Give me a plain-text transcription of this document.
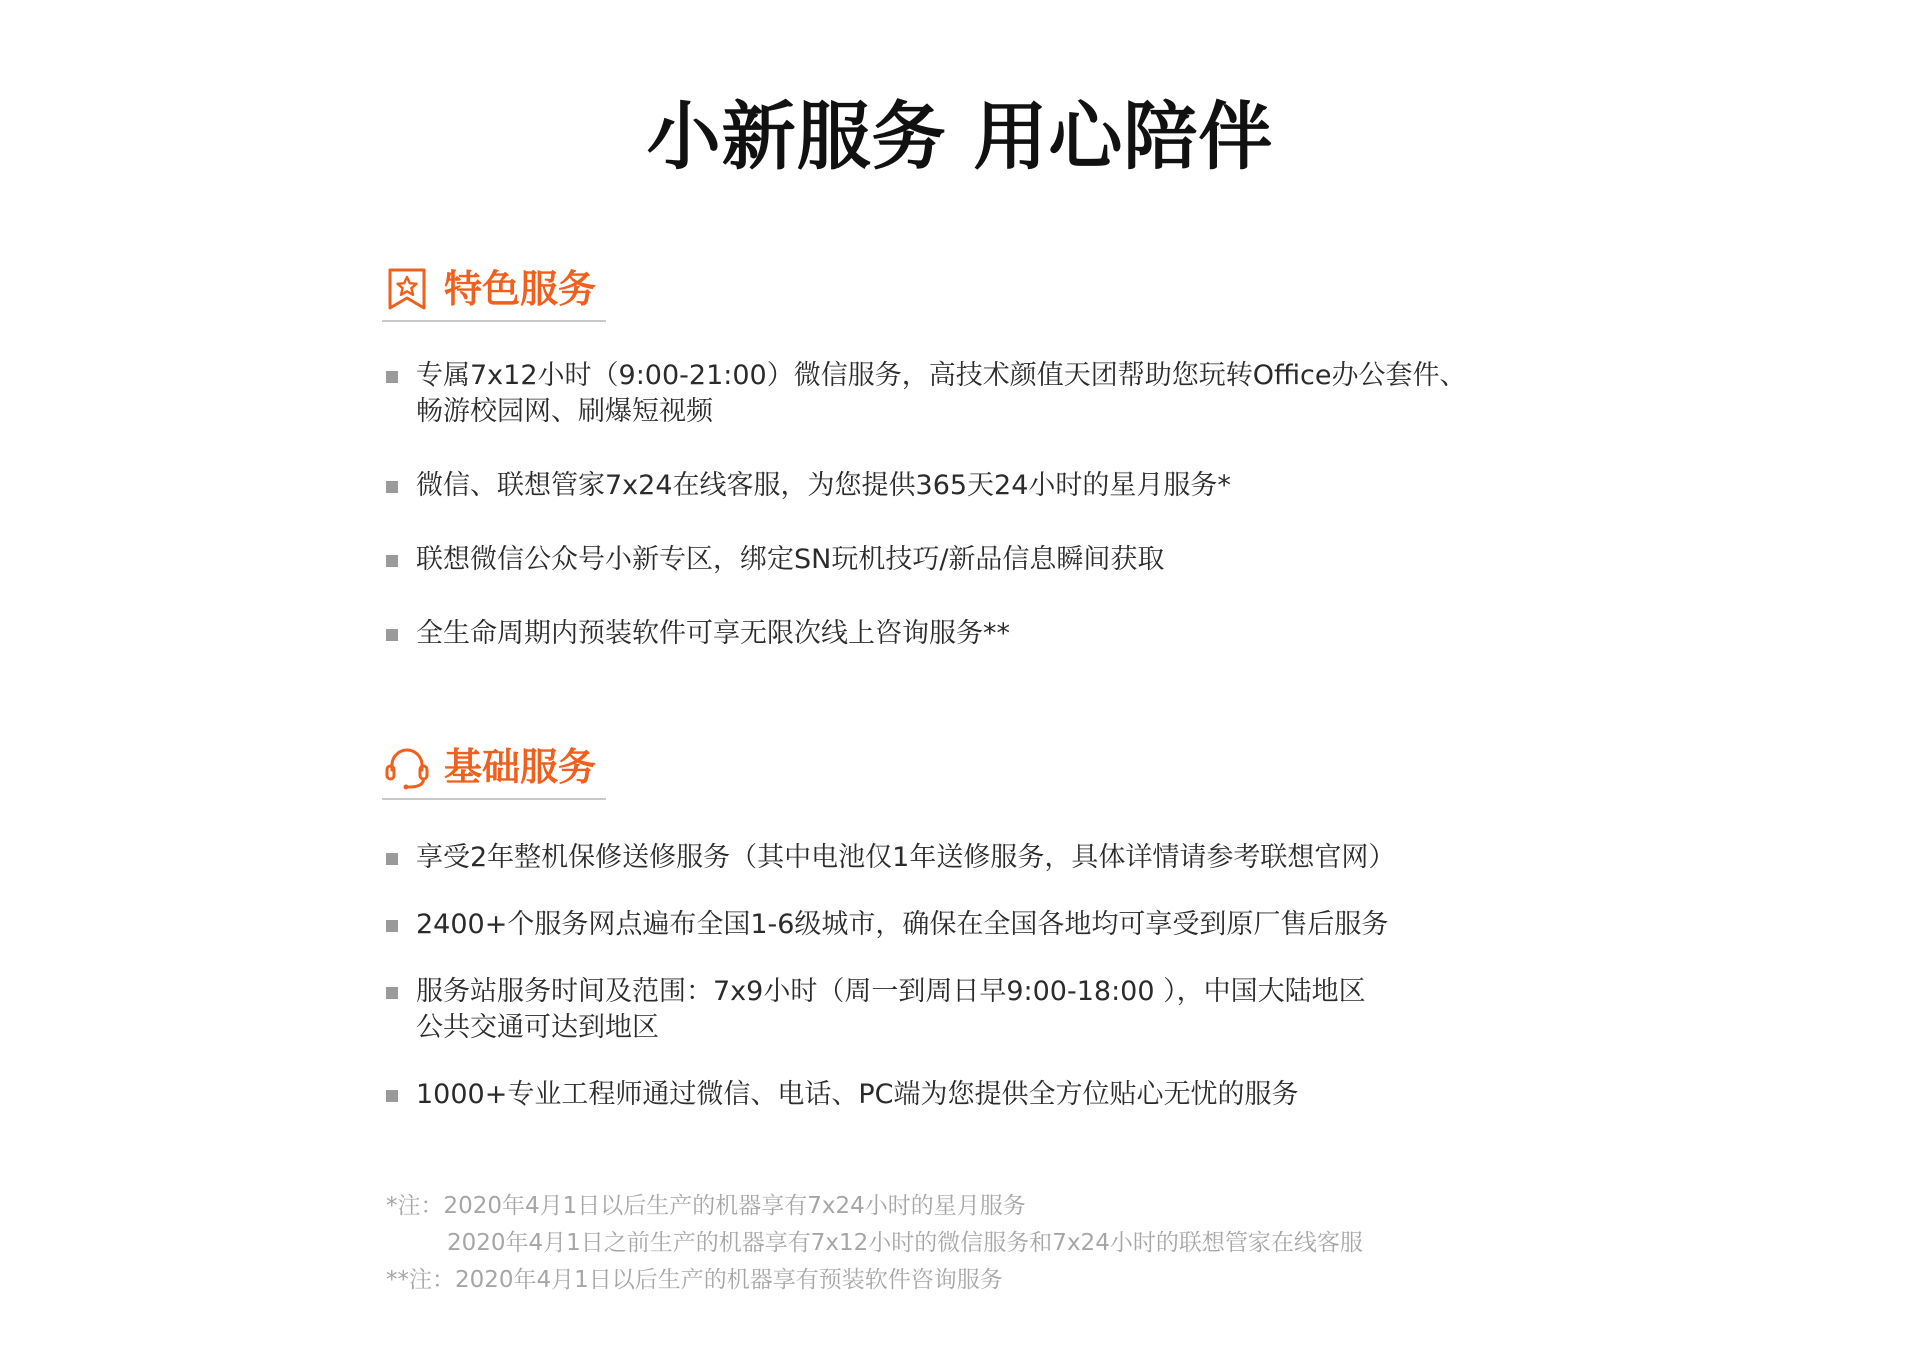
小新服务 用心陪伴
特色服务
专属7x12小时（9:00-21:00）微信服务，高技术颜值天团帮助您玩转Office办公套件、
畅游校园网、刷爆短视频
微信、联想管家7x24在线客服，为您提供365天24小时的星月服务*
联想微信公众号小新专区，绑定SN玩机技巧/新品信息瞬间获取
全生命周期内预装软件可享无限次线上咨询服务**
基础服务
享受2年整机保修送修服务（其中电池仅1年送修服务，具体详情请参考联想官网）
2400+个服务网点遍布全国1-6级城市，确保在全国各地均可享受到原厂售后服务
服务站服务时间及范围：7x9小时（周一到周日早9:00-18:00 ），中国大陆地区
公共交通可达到地区
1000+专业工程师通过微信、电话、PC端为您提供全方位贴心无忧的服务
*注：2020年4月1日以后生产的机器享有7x24小时的星月服务
2020年4月1日之前生产的机器享有7x12小时的微信服务和7x24小时的联想管家在线客服
**注：2020年4月1日以后生产的机器享有预装软件咨询服务
